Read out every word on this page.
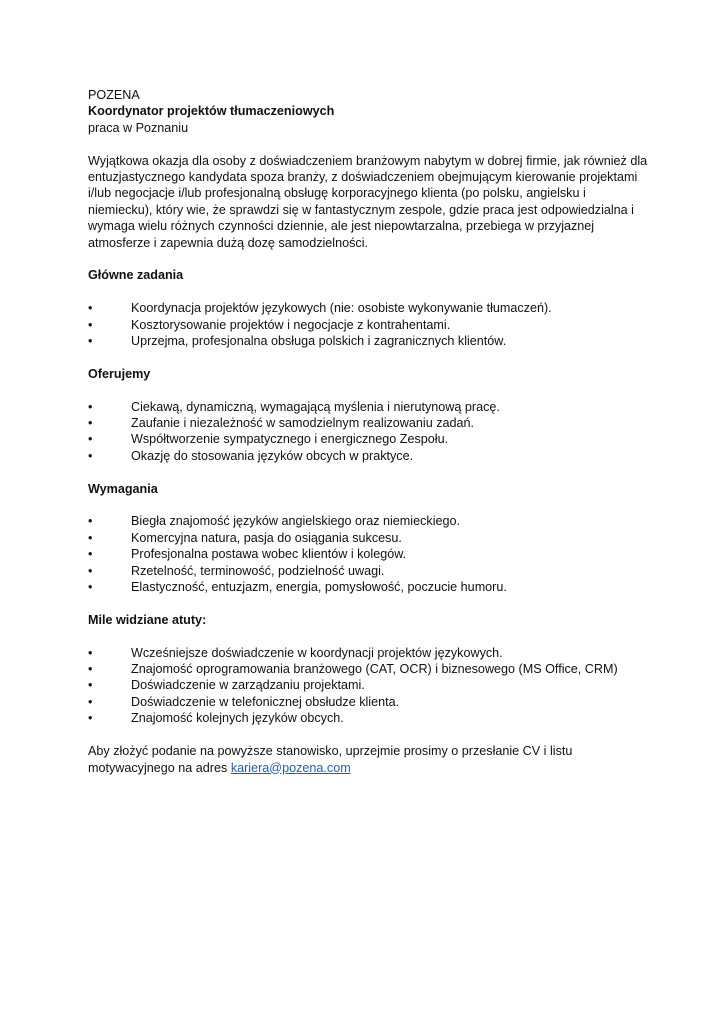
POZENA
Koordynator projektów tłumaczeniowych
praca w Poznaniu
Wyjątkowa okazja dla osoby z doświadczeniem branżowym nabytym w dobrej firmie, jak również dla
entuzjastycznego kandydata spoza branży, z doświadczeniem obejmującym kierowanie projektami
i/lub negocjacje i/lub profesjonalną obsługę korporacyjnego klienta (po polsku, angielsku i
niemiecku), który wie, że sprawdzi się w fantastycznym zespole, gdzie praca jest odpowiedzialna i
wymaga wielu różnych czynności dziennie, ale jest niepowtarzalna, przebiega w przyjaznej
atmosferze i zapewnia dużą dozę samodzielności.
Główne zadania
•	Koordynacja projektów językowych (nie: osobiste wykonywanie tłumaczeń).
•	Kosztorysowanie projektów i negocjacje z kontrahentami.
•	Uprzejma, profesjonalna obsługa polskich i zagranicznych klientów.
Oferujemy
•	Ciekawą, dynamiczną, wymagającą myślenia i nierutynową pracę.
•	Zaufanie i niezależność w samodzielnym realizowaniu zadań.
•	Współtworzenie sympatycznego i energicznego Zespołu.
•	Okazję do stosowania języków obcych w praktyce.
Wymagania
•	Biegła znajomość języków angielskiego oraz niemieckiego.
•	Komercyjna natura, pasja do osiągania sukcesu.
•	Profesjonalna postawa wobec klientów i kolegów.
•	Rzetelność, terminowość, podzielność uwagi.
•	Elastyczność, entuzjazm, energia, pomysłowość, poczucie humoru.
Mile widziane atuty:
•	Wcześniejsze doświadczenie w koordynacji projektów językowych.
•	Znajomość oprogramowania branżowego (CAT, OCR) i biznesowego (MS Office, CRM)
•	Doświadczenie w zarządzaniu projektami.
•	Doświadczenie w telefonicznej obsłudze klienta.
•	Znajomość kolejnych języków obcych.
Aby złożyć podanie na powyższe stanowisko, uprzejmie prosimy o przesłanie CV i listu
motywacyjnego na adres kariera@pozena.com
